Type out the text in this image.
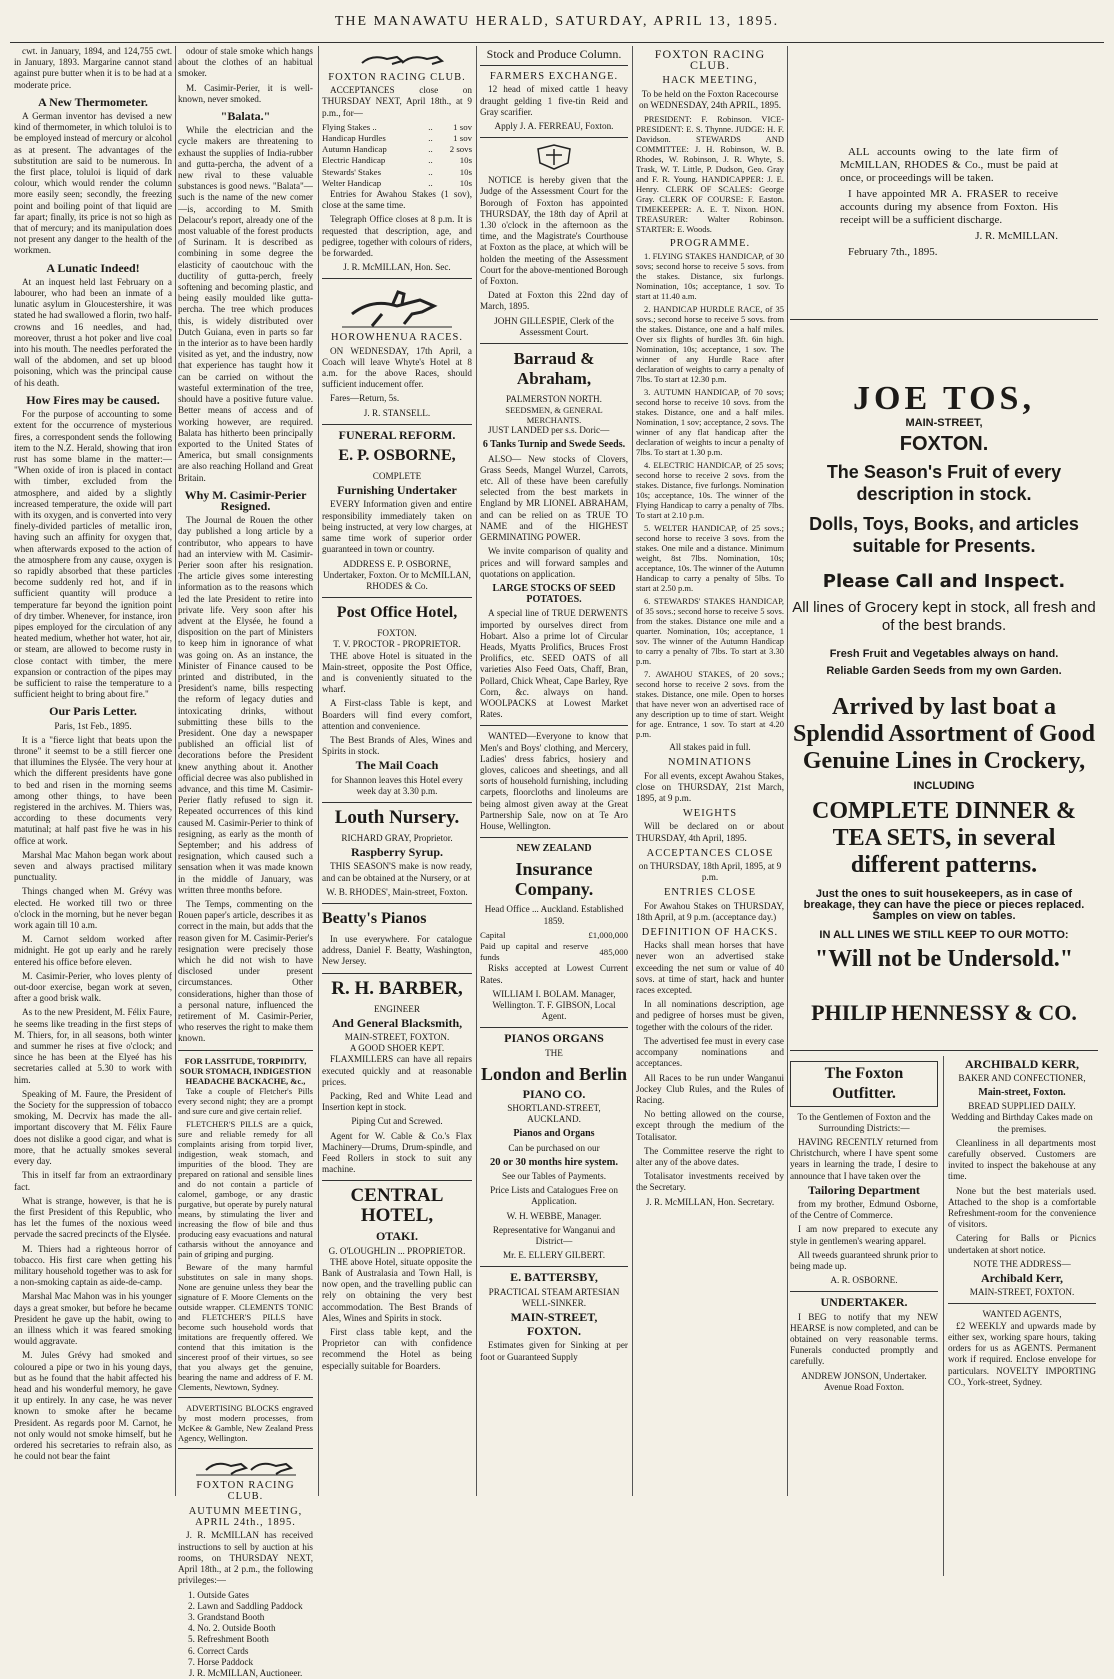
THE MANAWATU HERALD, SATURDAY, APRIL 13, 1895.

cwt. in January, 1894, and 124,755 cwt. in January, 1893. Margarine cannot stand against pure butter when it is to be had at a moderate price.

A New Thermometer.

A German inventor has devised a new kind of thermometer, in which toluloi is to be employed instead of mercury or alcohol as at present. The advantages of the substitution are said to be numerous. In the first place, toluloi is liquid of dark colour, which would render the column more easily seen; secondly, the freezing point and boiling point of that liquid are far apart; finally, its price is not so high as that of mercury; and its manipulation does not present any danger to the health of the workmen.

A Lunatic Indeed!

At an inquest held last February on a labourer, who had been an inmate of a lunatic asylum in Gloucestershire, it was stated he had swallowed a florin, two half-crowns and 16 needles, and had, moreover, thrust a hot poker and live coal into his mouth. The needles perforated the wall of the abdomen, and set up blood poisoning, which was the principal cause of his death.

How Fires may be caused.

For the purpose of accounting to some extent for the occurrence of mysterious fires, a correspondent sends the following item to the N.Z. Herald, showing that iron rust has some blame in the matter:— "When oxide of iron is placed in contact with timber, excluded from the atmosphere, and aided by a slightly increased temperature, the oxide will part with its oxygen, and is converted into very finely-divided particles of metallic iron, having such an affinity for oxygen that, when afterwards exposed to the action of the atmosphere from any cause, oxygen is so rapidly absorbed that these particles become suddenly red hot, and if in sufficient quantity will produce a temperature far beyond the ignition point of dry timber. Whenever, for instance, iron pipes employed for the circulation of any heated medium, whether hot water, hot air, or steam, are allowed to become rusty in close contact with timber, the mere expansion or contraction of the pipes may be sufficient to raise the temperature to a sufficient height to bring about fire."

Our Paris Letter.

Paris, 1st Feb., 1895.

It is a "fierce light that beats upon the throne" it seemst to be a still fiercer one that illumines the Elysée. The very hour at which the different presidents have gone to bed and risen in the morning seems among other things, to have been registered in the archives. M. Thiers was, according to these documents very matutinal; at half past five he was in his office at work.

Marshal Mac Mahon began work about seven and always practised military punctuality.

Things changed when M. Grévy was elected. He worked till two or three o'clock in the morning, but he never began work again till 10 a.m.

M. Carnot seldom worked after midnight. He got up early and he rarely entered his office before eleven.

M. Casimir-Perier, who loves plenty of out-door exercise, began work at seven, after a good brisk walk.

As to the new President, M. Félix Faure, he seems like treading in the first steps of M. Thiers, for, in all seasons, both winter and summer he rises at five o'clock; and since he has been at the Elyeé has his secretaries called at 5.30 to work with him.

Speaking of M. Faure, the President of the Society for the suppression of tobacco smoking, M. Decrvix has made the all-important discovery that M. Félix Faure does not dislike a good cigar, and what is more, that he actually smokes several every day.

This in itself far from an extraordinary fact.

What is strange, however, is that he is the first President of this Republic, who has let the fumes of the noxious weed pervade the sacred precincts of the Elysée.

M. Thiers had a righteous horror of tobacco. His first care when getting his military household together was to ask for a non-smoking captain as aide-de-camp.

Marshal Mac Mahon was in his younger days a great smoker, but before he became President he gave up the habit, owing to an illness which it was feared smoking would aggravate.

M. Jules Grévy had smoked and coloured a pipe or two in his young days, but as he found that the habit affected his head and his wonderful memory, he gave it up entirely. In any case, he was never known to smoke after he became President. As regards poor M. Carnot, he not only would not smoke himself, but he ordered his secretaries to refrain also, as he could not bear the faint

odour of stale smoke which hangs about the clothes of an habitual smoker.

M. Casimir-Perier, it is well-known, never smoked.

"Balata."

While the electrician and the cycle makers are threatening to exhaust the supplies of India-rubber and gutta-percha, the advent of a new rival to these valuable substances is good news. "Balata"—such is the name of the new comer —is, according to M. Smith Delacour's report, already one of the most valuable of the forest products of Surinam. It is described as combining in some degree the elasticity of caoutchouc with the ductility of gutta-perch, freely softening and becoming plastic, and being easily moulded like gutta-percha. The tree which produces this, is widely distributed over Dutch Guiana, even in parts so far in the interior as to have been hardly visited as yet, and the industry, now that experience has taught how it can be carried on without the wasteful extermination of the tree, should have a positive future value. Better means of access and of working however, are required. Balata has hitherto been principally exported to the United States of America, but small consignments are also reaching Holland and Great Britain.

Why M. Casimir-Perier Resigned.

The Journal de Rouen the other day published a long article by a contributor, who appears to have had an interview with M. Casimir-Perier soon after his resignation. The article gives some interesting information as to the reasons which led the late President to retire into private life. Very soon after his advent at the Elysée, he found a disposition on the part of Ministers to keep him in ignorance of what was going on. As an instance, the Minister of Finance caused to be printed and distributed, in the President's name, bills respecting the reform of legacy duties and intoxicating drinks, without submitting these bills to the President. One day a newspaper published an official list of decorations before the President knew anything about it. Another official decree was also published in advance, and this time M. Casimir-Perier flatly refused to sign it. Repeated occurrences of this kind caused M. Casimir-Perier to think of resigning, as early as the month of September; and his address of resignation, which caused such a sensation when it was made known in the middle of January, was written three months before.

The Temps, commenting on the Rouen paper's article, describes it as correct in the main, but adds that the reason given for M. Casimir-Perier's resignation were precisely those which he did not wish to have disclosed under present circumstances. Other considerations, higher than those of a personal nature, influenced the retirement of M. Casimir-Perier, who reserves the right to make them known.

FOR LASSITUDE, TORPIDITY, SOUR STOMACH, INDIGESTION HEADACHE BACKACHE, &c.,

Take a couple of Fletcher's Pills every second night; they are a prompt and sure cure and give certain relief.

FLETCHER'S PILLS are a quick, sure and reliable remedy for all complaints arising from torpid liver, indigestion, weak stomach, and impurities of the blood. They are prepared on rational and sensible lines and do not contain a particle of calomel, gamboge, or any drastic purgative, but operate by purely natural means, by stimulating the liver and increasing the flow of bile and thus producing easy evacuations and natural catharsis without the annoyance and pain of griping and purging.

Beware of the many harmful substitutes on sale in many shops. None are genuine unless they bear the signature of F. Moore Clements on the outside wrapper. CLEMENTS TONIC and FLETCHER'S PILLS have become such household words that imitations are frequently offered. We contend that this imitation is the sincerest proof of their virtues, so see that you always get the genuine, bearing the name and address of F. M. Clements, Newtown, Sydney.

ADVERTISING BLOCKS engraved by most modern processes, from McKee & Gamble, New Zealand Press Agency, Wellington.

FOXTON RACING CLUB.
AUTUMN MEETING, APRIL 24th., 1895.

J. R. McMILLAN has received instructions to sell by auction at his rooms, on THURSDAY NEXT, April 18th., at 2 p.m., the following privileges:—

1. Outside Gates
2. Lawn and Saddling Paddock
3. Grandstand Booth
4. No. 2. Outside Booth
5. Refreshment Booth
6. Correct Cards
7. Horse Paddock

J. R. McMILLAN, Auctioneer.

FOXTON RACING CLUB.

ACCEPTANCES close on THURSDAY NEXT, April 18th., at 9 p.m., for—

Flying Stakes ..	..	1 sov
Handicap Hurdles	..	1 sov
Autumn Handicap	..	2 sovs
Electric Handicap	..	10s
Stewards' Stakes	..	10s
Welter Handicap	..	10s

Entries for Awahou Stakes (1 sov), close at the same time.

Telegraph Office closes at 8 p.m. It is requested that description, age, and pedigree, together with colours of riders, be forwarded.

J. R. McMILLAN, Hon. Sec.

HOROWHENUA RACES.

ON WEDNESDAY, 17th April, a Coach will leave Whyte's Hotel at 8 a.m. for the above Races, should sufficient inducement offer.

Fares—Return, 5s.

J. R. STANSELL.

FUNERAL REFORM.
E. P. OSBORNE,
COMPLETE
Furnishing Undertaker

EVERY Information given and entire responsibility immediately taken on being instructed, at very low charges, at same time work of superior order guaranteed in town or country.

ADDRESS E. P. OSBORNE, Undertaker, Foxton. Or to McMILLAN, RHODES & Co.

Post Office Hotel,
FOXTON.
T. V. PROCTOR - PROPRIETOR.

THE above Hotel is situated in the Main-street, opposite the Post Office, and is conveniently situated to the wharf.

A First-class Table is kept, and Boarders will find every comfort, attention and convenience.

The Best Brands of Ales, Wines and Spirits in stock.

The Mail Coach

for Shannon leaves this Hotel every week day at 3.30 p.m.

Louth Nursery.
RICHARD GRAY, Proprietor.
Raspberry Syrup.

THIS SEASON'S make is now ready, and can be obtained at the Nursery, or at

W. B. RHODES', Main-street, Foxton.

Beatty's Pianos

In use everywhere. For catalogue address, Daniel F. Beatty, Washington, New Jersey.

R. H. BARBER,
ENGINEER
And General Blacksmith,
MAIN-STREET, FOXTON.
A GOOD SHOER KEPT.

FLAXMILLERS can have all repairs executed quickly and at reasonable prices.

Packing, Red and White Lead and Insertion kept in stock.

Piping Cut and Screwed.

Agent for W. Cable & Co.'s Flax Machinery—Drums, Drum-spindle, and Feed Rollers in stock to suit any machine.

CENTRAL HOTEL,
OTAKI.
G. O'LOUGHLIN ... PROPRIETOR.

THE above Hotel, situate opposite the Bank of Australasia and Town Hall, is now open, and the travelling public can rely on obtaining the very best accommodation. The Best Brands of Ales, Wines and Spirits in stock.

First class table kept, and the Proprietor can with confidence recommend the Hotel as being especially suitable for Boarders.

Stock and Produce Column.
FARMERS EXCHANGE.

12 head of mixed cattle 1 heavy draught gelding 1 five-tin Reid and Gray scarifier.

Apply J. A. FERREAU, Foxton.

NOTICE is hereby given that the Judge of the Assessment Court for the Borough of Foxton has appointed THURSDAY, the 18th day of April at 1.30 o'clock in the afternoon as the time, and the Magistrate's Courthouse at Foxton as the place, at which will be holden the meeting of the Assessment Court for the above-mentioned Borough of Foxton.

Dated at Foxton this 22nd day of March, 1895.

JOHN GILLESPIE, Clerk of the Assessment Court.

Barraud & Abraham,
PALMERSTON NORTH.
SEEDSMEN, & GENERAL MERCHANTS.

JUST LANDED per s.s. Doric—

6 Tanks Turnip and Swede Seeds.

ALSO— New stocks of Clovers, Grass Seeds, Mangel Wurzel, Carrots, etc. All of these have been carefully selected from the best markets in England by MR LIONEL ABRAHAM, and can be relied on as TRUE TO NAME and of the HIGHEST GERMINATING POWER.

We invite comparison of quality and prices and will forward samples and quotations on application.

LARGE STOCKS OF SEED POTATOES.

A special line of TRUE DERWENTS imported by ourselves direct from Hobart. Also a prime lot of Circular Heads, Myatts Prolifics, Bruces Frost Prolifics, etc. SEED OATS of all varieties Also Feed Oats, Chaff, Bran, Pollard, Chick Wheat, Cape Barley, Rye Corn, &c. always on hand. WOOLPACKS at Lowest Market Rates.

WANTED—Everyone to know that Men's and Boys' clothing, and Mercery, Ladies' dress fabrics, hosiery and gloves, calicoes and sheetings, and all sorts of household furnishing, including carpets, floorcloths and linoleums are being almost given away at the Great Partnership Sale, now on at Te Aro House, Wellington.

NEW ZEALAND
Insurance Company.

Head Office ... Auckland. Established 1859.

Capital	£1,000,000
Paid up capital and reserve funds	485,000

Risks accepted at Lowest Current Rates.

WILLIAM I. BOLAM. Manager, Wellington. T. F. GIBSON, Local Agent.

PIANOS ORGANS
THE
London and Berlin
PIANO CO.
SHORTLAND-STREET, AUCKLAND.
Pianos and Organs

Can be purchased on our

20 or 30 months hire system.

See our Tables of Payments.

Price Lists and Catalogues Free on Application.

W. H. WEBBE, Manager.

Representative for Wanganui and District—

Mr. E. ELLERY GILBERT.

E. BATTERSBY,
PRACTICAL STEAM ARTESIAN WELL-SINKER.
MAIN-STREET,
FOXTON.

Estimates given for Sinking at per foot or Guaranteed Supply

FOXTON RACING CLUB.
HACK MEETING,

To be held on the Foxton Racecourse on WEDNESDAY, 24th APRIL, 1895.

PRESIDENT: F. Robinson. VICE-PRESIDENT: E. S. Thynne. JUDGE: H. F. Davidson. STEWARDS AND COMMITTEE: J. H. Robinson, W. B. Rhodes, W. Robinson, J. R. Whyte, S. Trask, W. T. Little, P. Dudson, Geo. Gray and F. R. Young. HANDICAPPER: J. E. Henry. CLERK OF SCALES: George Gray. CLERK OF COURSE: F. Easton. TIMEKEEPER: A. E. T. Nixon. HON. TREASURER: Walter Robinson. STARTER: E. Woods.

PROGRAMME.

1. FLYING STAKES HANDICAP, of 30 sovs; second horse to receive 5 sovs. from the stakes. Distance, six furlongs. Nomination, 10s; acceptance, 1 sov. To start at 11.40 a.m.

2. HANDICAP HURDLE RACE, of 35 sovs.; second horse to receive 5 sovs. from the stakes. Distance, one and a half miles. Over six flights of hurdles 3ft. 6in high. Nomination, 10s; acceptance, 1 sov. The winner of any Hurdle Race after declaration of weights to carry a penalty of 7lbs. To start at 12.30 p.m.

3. AUTUMN HANDICAP, of 70 sovs; second horse to receive 10 sovs. from the stakes. Distance, one and a half miles. Nomination, 1 sov; acceptance, 2 sovs. The winner of any flat handicap after the declaration of weights to incur a penalty of 7lbs. To start at 1.30 p.m.

4. ELECTRIC HANDICAP, of 25 sovs; second horse to receive 2 sovs. from the stakes. Distance, five furlongs. Nomination 10s; acceptance, 10s. The winner of the Flying Handicap to carry a penalty of 7lbs. To start at 2.10 p.m.

5. WELTER HANDICAP, of 25 sovs.; second horse to receive 3 sovs. from the stakes. One mile and a distance. Minimum weight, 8st 7lbs. Nomination, 10s; acceptance, 10s. The winner of the Autumn Handicap to carry a penalty of 5lbs. To start at 2.50 p.m.

6. STEWARDS' STAKES HANDICAP, of 35 sovs.; second horse to receive 5 sovs. from the stakes. Distance one mile and a quarter. Nomination, 10s; acceptance, 1 sov. The winner of the Autumn Handicap to carry a penalty of 7lbs. To start at 3.30 p.m.

7. AWAHOU STAKES, of 20 sovs.; second horse to receive 2 sovs. from the stakes. Distance, one mile. Open to horses that have never won an advertised race of any description up to time of start. Weight for age. Entrance, 1 sov. To start at 4.20 p.m.

All stakes paid in full.

NOMINATIONS

For all events, except Awahou Stakes, close on THURSDAY, 21st March, 1895, at 9 p.m.

WEIGHTS

Will be declared on or about THURSDAY, 4th April, 1895.

ACCEPTANCES CLOSE

on THURSDAY, 18th April, 1895, at 9 p.m.

ENTRIES CLOSE

For Awahou Stakes on THURSDAY, 18th April, at 9 p.m. (acceptance day.)

DEFINITION OF HACKS.

Hacks shall mean horses that have never won an advertised stake exceeding the net sum or value of 40 sovs. at time of start, hack and hunter races excepted.

In all nominations description, age and pedigree of horses must be given, together with the colours of the rider.

The advertised fee must in every case accompany nominations and acceptances.

All Races to be run under Wanganui Jockey Club Rules, and the Rules of Racing.

No betting allowed on the course, except through the medium of the Totalisator.

The Committee reserve the right to alter any of the above dates.

Totalisator investments received by the Secretary.

J. R. McMILLAN, Hon. Secretary.

ALL accounts owing to the late firm of McMILLAN, RHODES & Co., must be paid at once, or proceedings will be taken.

I have appointed MR A. FRASER to receive accounts during my absence from Foxton. His receipt will be a sufficient discharge.

J. R. McMILLAN.

February 7th., 1895.

JOE TOS,
MAIN-STREET,
FOXTON.
The Season's Fruit of every description in stock.
Dolls, Toys, Books, and articles suitable for Presents.
Please Call and Inspect.
All lines of Grocery kept in stock, all fresh and of the best brands.
Fresh Fruit and Vegetables always on hand.
Reliable Garden Seeds from my own Garden.
Arrived by last boat a Splendid Assortment of Good Genuine Lines in Crockery,
INCLUDING
COMPLETE DINNER & TEA SETS, in several different patterns.
Just the ones to suit housekeepers, as in case of breakage, they can have the piece or pieces replaced. Samples on view on tables.
IN ALL LINES WE STILL KEEP TO OUR MOTTO:
"Will not be Undersold."
PHILIP HENNESSY & CO.
The Foxton Outfitter.

To the Gentlemen of Foxton and the Surrounding Districts:—

HAVING RECENTLY returned from Christchurch, where I have spent some years in learning the trade, I desire to announce that I have taken over the

Tailoring Department

from my brother, Edmund Osborne, of the Centre of Commerce.

I am now prepared to execute any style in gentlemen's wearing apparel.

All tweeds guaranteed shrunk prior to being made up.

A. R. OSBORNE.

UNDERTAKER.

I BEG to notify that my NEW HEARSE is now completed, and can be obtained on very reasonable terms. Funerals conducted promptly and carefully.

ANDREW JONSON, Undertaker. Avenue Road Foxton.

ARCHIBALD KERR,
BAKER AND CONFECTIONER,
Main-street, Foxton.
BREAD SUPPLIED DAILY.

Wedding and Birthday Cakes made on the premises.

Cleanliness in all departments most carefully observed. Customers are invited to inspect the bakehouse at any time.

None but the best materials used. Attached to the shop is a comfortable Refreshment-room for the convenience of visitors.

Catering for Balls or Picnics undertaken at short notice.

NOTE THE ADDRESS—
Archibald Kerr,
MAIN-STREET, FOXTON.
WANTED AGENTS,

£2 WEEKLY and upwards made by either sex, working spare hours, taking orders for us as AGENTS. Permanent work if required. Enclose envelope for particulars. NOVELTY IMPORTING CO., York-street, Sydney.
